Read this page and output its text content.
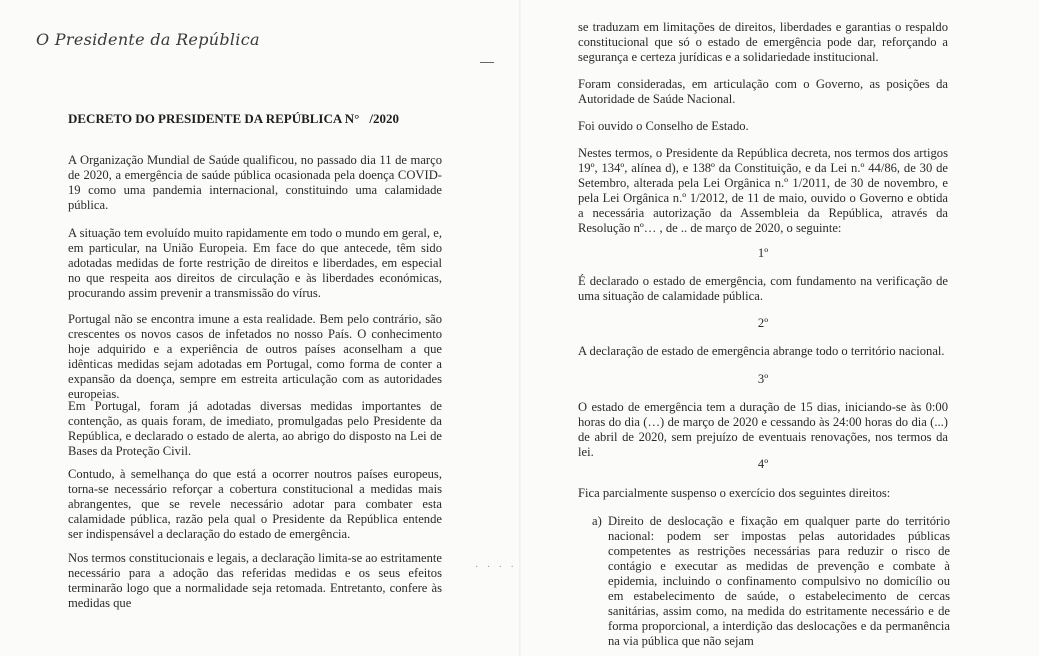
O Presidente da República
DECRETO DO PRESIDENTE DA REPÚBLICA N° /2020

A Organização Mundial de Saúde qualificou, no passado dia 11 de março de 2020, a emergência de saúde pública ocasionada pela doença COVID-19 como uma pandemia internacional, constituindo uma calamidade pública.

A situação tem evoluído muito rapidamente em todo o mundo em geral, e, em particular, na União Europeia. Em face do que antecede, têm sido adotadas medidas de forte restrição de direitos e liberdades, em especial no que respeita aos direitos de circulação e às liberdades económicas, procurando assim prevenir a transmissão do vírus.

Portugal não se encontra imune a esta realidade. Bem pelo contrário, são crescentes os novos casos de infetados no nosso País. O conhecimento hoje adquirido e a experiência de outros países aconselham a que idênticas medidas sejam adotadas em Portugal, como forma de conter a expansão da doença, sempre em estreita articulação com as autoridades europeias.

Em Portugal, foram já adotadas diversas medidas importantes de contenção, as quais foram, de imediato, promulgadas pelo Presidente da República, e declarado o estado de alerta, ao abrigo do disposto na Lei de Bases da Proteção Civil.

Contudo, à semelhança do que está a ocorrer noutros países europeus, torna-se necessário reforçar a cobertura constitucional a medidas mais abrangentes, que se revele necessário adotar para combater esta calamidade pública, razão pela qual o Presidente da República entende ser indispensável a declaração do estado de emergência.

Nos termos constitucionais e legais, a declaração limita-se ao estritamente necessário para a adoção das referidas medidas e os seus efeitos terminarão logo que a normalidade seja retomada. Entretanto, confere às medidas que

se traduzam em limitações de direitos, liberdades e garantias o respaldo constitucional que só o estado de emergência pode dar, reforçando a segurança e certeza jurídicas e a solidariedade institucional.

Foram consideradas, em articulação com o Governo, as posições da Autoridade de Saúde Nacional.

Foi ouvido o Conselho de Estado.

Nestes termos, o Presidente da República decreta, nos termos dos artigos 19º, 134º, alínea d), e 138º da Constituição, e da Lei n.º 44/86, de 30 de Setembro, alterada pela Lei Orgânica n.º 1/2011, de 30 de novembro, e pela Lei Orgânica n.º 1/2012, de 11 de maio, ouvido o Governo e obtida a necessária autorização da Assembleia da República, através da Resolução nº… , de .. de março de 2020, o seguinte:

1º

É declarado o estado de emergência, com fundamento na verificação de uma situação de calamidade pública.

2º

A declaração de estado de emergência abrange todo o território nacional.

3º

O estado de emergência tem a duração de 15 dias, iniciando-se às 0:00 horas do dia (…) de março de 2020 e cessando às 24:00 horas do dia (...) de abril de 2020, sem prejuízo de eventuais renovações, nos termos da lei.

4º

Fica parcialmente suspenso o exercício dos seguintes direitos:

a) Direito de deslocação e fixação em qualquer parte do território nacional: podem ser impostas pelas autoridades públicas competentes as restrições necessárias para reduzir o risco de contágio e executar as medidas de prevenção e combate à epidemia, incluindo o confinamento compulsivo no domicílio ou em estabelecimento de saúde, o estabelecimento de cercas sanitárias, assim como, na medida do estritamente necessário e de forma proporcional, a interdição das deslocações e da permanência na via pública que não sejam

· · · ·
